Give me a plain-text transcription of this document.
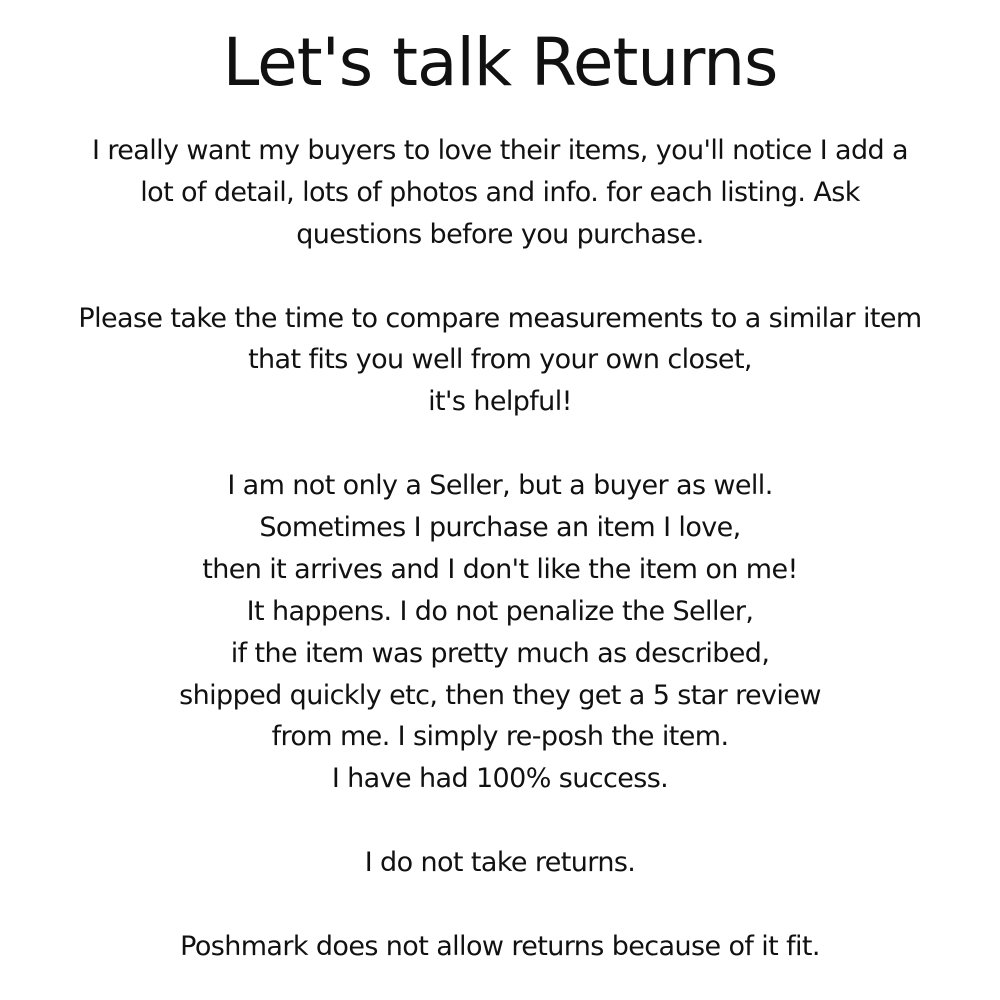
Let's talk Returns
I really want my buyers to love their items, you'll notice I add a
lot of detail, lots of photos and info. for each listing. Ask
questions before you purchase.
Please take the time to compare measurements to a similar item
that fits you well from your own closet,
it's helpful!
I am not only a Seller, but a buyer as well.
Sometimes I purchase an item I love,
then it arrives and I don't like the item on me!
It happens. I do not penalize the Seller,
if the item was pretty much as described,
shipped quickly etc, then they get a 5 star review
from me. I simply re-posh the item.
I have had 100% success.
I do not take returns.
Poshmark does not allow returns because of it fit.
